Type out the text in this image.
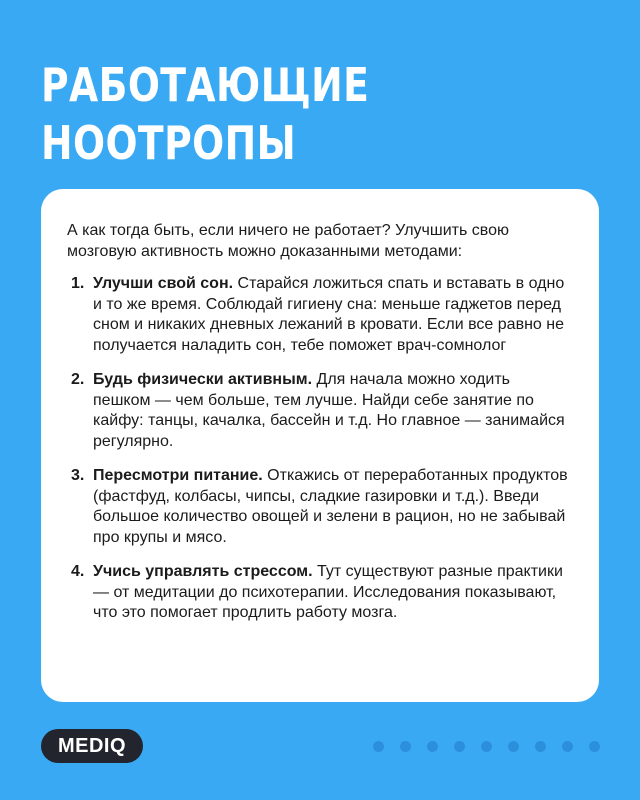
РАБОТАЮЩИЕ
НООТРОПЫ

А как тогда быть, если ничего не работает? Улучшить свою мозговую активность можно доказанными методами:

1. Улучши свой сон. Старайся ложиться спать и вставать в одно и то же время. Соблюдай гигиену сна: меньше гаджетов перед сном и никаких дневных лежаний в кровати. Если все равно не получается наладить сон, тебе поможет врач-сомнолог
2. Будь физически активным. Для начала можно ходить пешком — чем больше, тем лучше. Найди себе занятие по кайфу: танцы, качалка, бассейн и т.д. Но главное — занимайся регулярно.
3. Пересмотри питание. Откажись от переработанных продуктов (фастфуд, колбасы, чипсы, сладкие газировки и т.д.). Введи большое количество овощей и зелени в рацион, но не забывай про крупы и мясо.
4. Учись управлять стрессом. Тут существуют разные практики — от медитации до психотерапии. Исследования показывают, что это помогает продлить работу мозга.
MEDIQ
